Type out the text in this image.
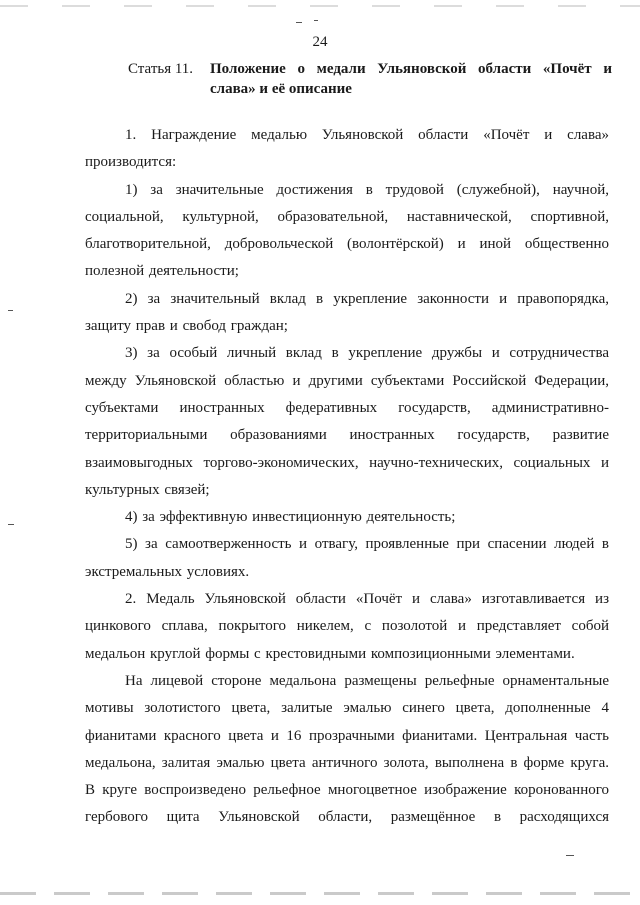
24
Статья 11. Положение о медали Ульяновской области «Почёт и слава» и её описание

1. Награждение медалью Ульяновской области «Почёт и слава» производится:

1) за значительные достижения в трудовой (служебной), научной, социальной, культурной, образовательной, наставнической, спортивной, благотворительной, добровольческой (волонтёрской) и иной общественно полезной деятельности;

2) за значительный вклад в укрепление законности и правопорядка, защиту прав и свобод граждан;

3) за особый личный вклад в укрепление дружбы и сотрудничества между Ульяновской областью и другими субъектами Российской Федерации, субъектами иностранных федеративных государств, административно-территориальными образованиями иностранных государств, развитие взаимовыгодных торгово-экономических, научно-технических, социальных и культурных связей;

4) за эффективную инвестиционную деятельность;

5) за самоотверженность и отвагу, проявленные при спасении людей в экстремальных условиях.

2. Медаль Ульяновской области «Почёт и слава» изготавливается из цинкового сплава, покрытого никелем, с позолотой и представляет собой медальон круглой формы с крестовидными композиционными элементами.

На лицевой стороне медальона размещены рельефные орнаментальные мотивы золотистого цвета, залитые эмалью синего цвета, дополненные 4 фианитами красного цвета и 16 прозрачными фианитами. Центральная часть медальона, залитая эмалью цвета античного золота, выполнена в форме круга. В круге воспроизведено рельефное многоцветное изображение коронованного гербового щита Ульяновской области, размещённое в расходящихся
